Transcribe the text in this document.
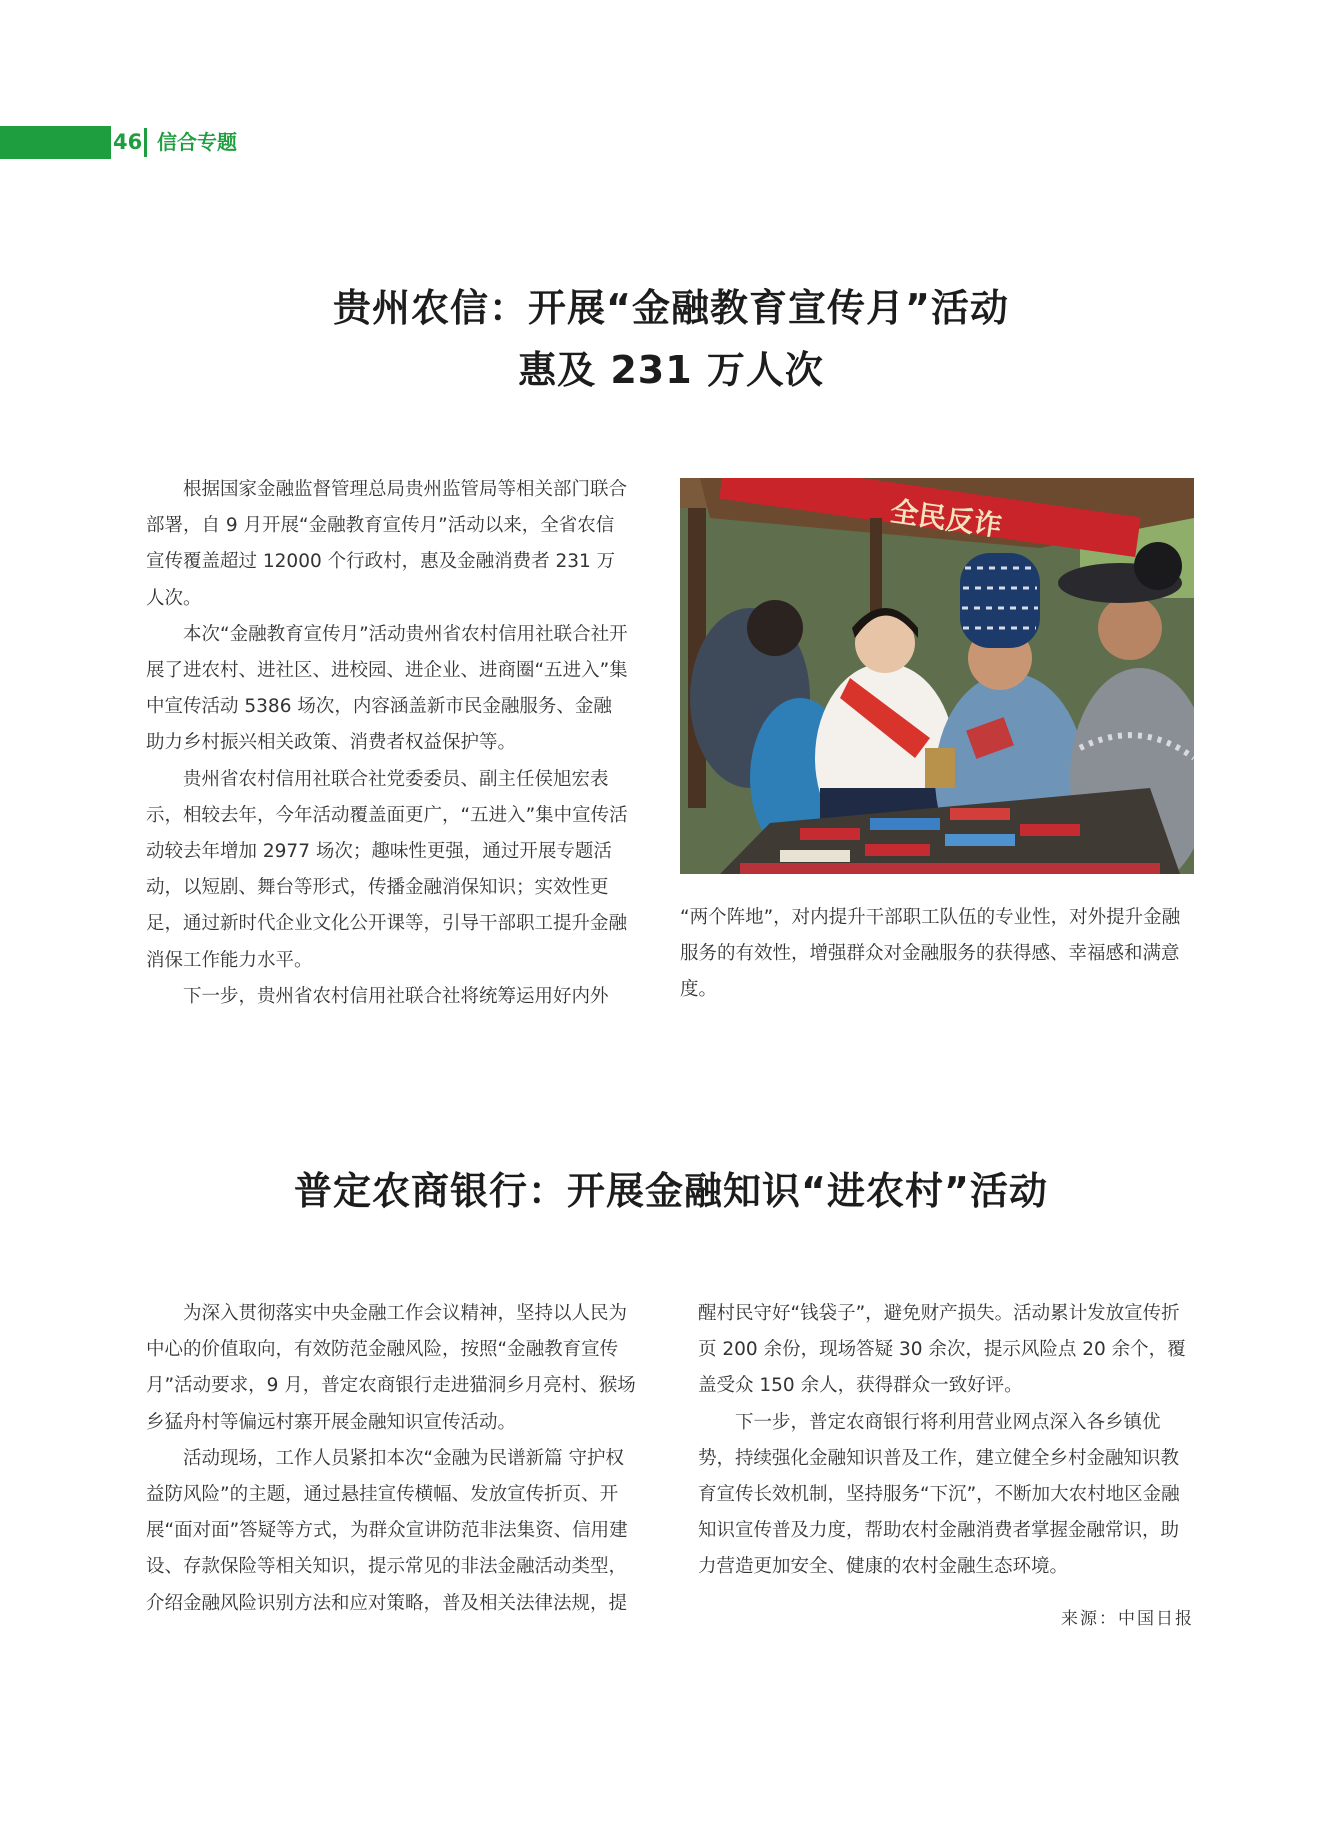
46 信合专题
贵州农信：开展“金融教育宣传月”活动
惠及 231 万人次

根据国家金融监督管理总局贵州监管局等相关部门联合部署，自 9 月开展“金融教育宣传月”活动以来，全省农信宣传覆盖超过 12000 个行政村，惠及金融消费者 231 万人次。

本次“金融教育宣传月”活动贵州省农村信用社联合社开展了进农村、进社区、进校园、进企业、进商圈“五进入”集中宣传活动 5386 场次，内容涵盖新市民金融服务、金融助力乡村振兴相关政策、消费者权益保护等。

贵州省农村信用社联合社党委委员、副主任侯旭宏表示，相较去年，今年活动覆盖面更广，“五进入”集中宣传活动较去年增加 2977 场次；趣味性更强，通过开展专题活动，以短剧、舞台等形式，传播金融消保知识；实效性更足，通过新时代企业文化公开课等，引导干部职工提升金融消保工作能力水平。

下一步，贵州省农村信用社联合社将统筹运用好内外

全民反诈

“两个阵地”，对内提升干部职工队伍的专业性，对外提升金融服务的有效性，增强群众对金融服务的获得感、幸福感和满意度。

普定农商银行：开展金融知识“进农村”活动

为深入贯彻落实中央金融工作会议精神，坚持以人民为中心的价值取向，有效防范金融风险，按照“金融教育宣传月”活动要求，9 月，普定农商银行走进猫洞乡月亮村、猴场乡猛舟村等偏远村寨开展金融知识宣传活动。

活动现场，工作人员紧扣本次“金融为民谱新篇 守护权益防风险”的主题，通过悬挂宣传横幅、发放宣传折页、开展“面对面”答疑等方式，为群众宣讲防范非法集资、信用建设、存款保险等相关知识，提示常见的非法金融活动类型，介绍金融风险识别方法和应对策略，普及相关法律法规，提

醒村民守好“钱袋子”，避免财产损失。活动累计发放宣传折页 200 余份，现场答疑 30 余次，提示风险点 20 余个，覆盖受众 150 余人，获得群众一致好评。

下一步，普定农商银行将利用营业网点深入各乡镇优势，持续强化金融知识普及工作，建立健全乡村金融知识教育宣传长效机制，坚持服务“下沉”，不断加大农村地区金融知识宣传普及力度，帮助农村金融消费者掌握金融常识，助力营造更加安全、健康的农村金融生态环境。

来源：中国日报
